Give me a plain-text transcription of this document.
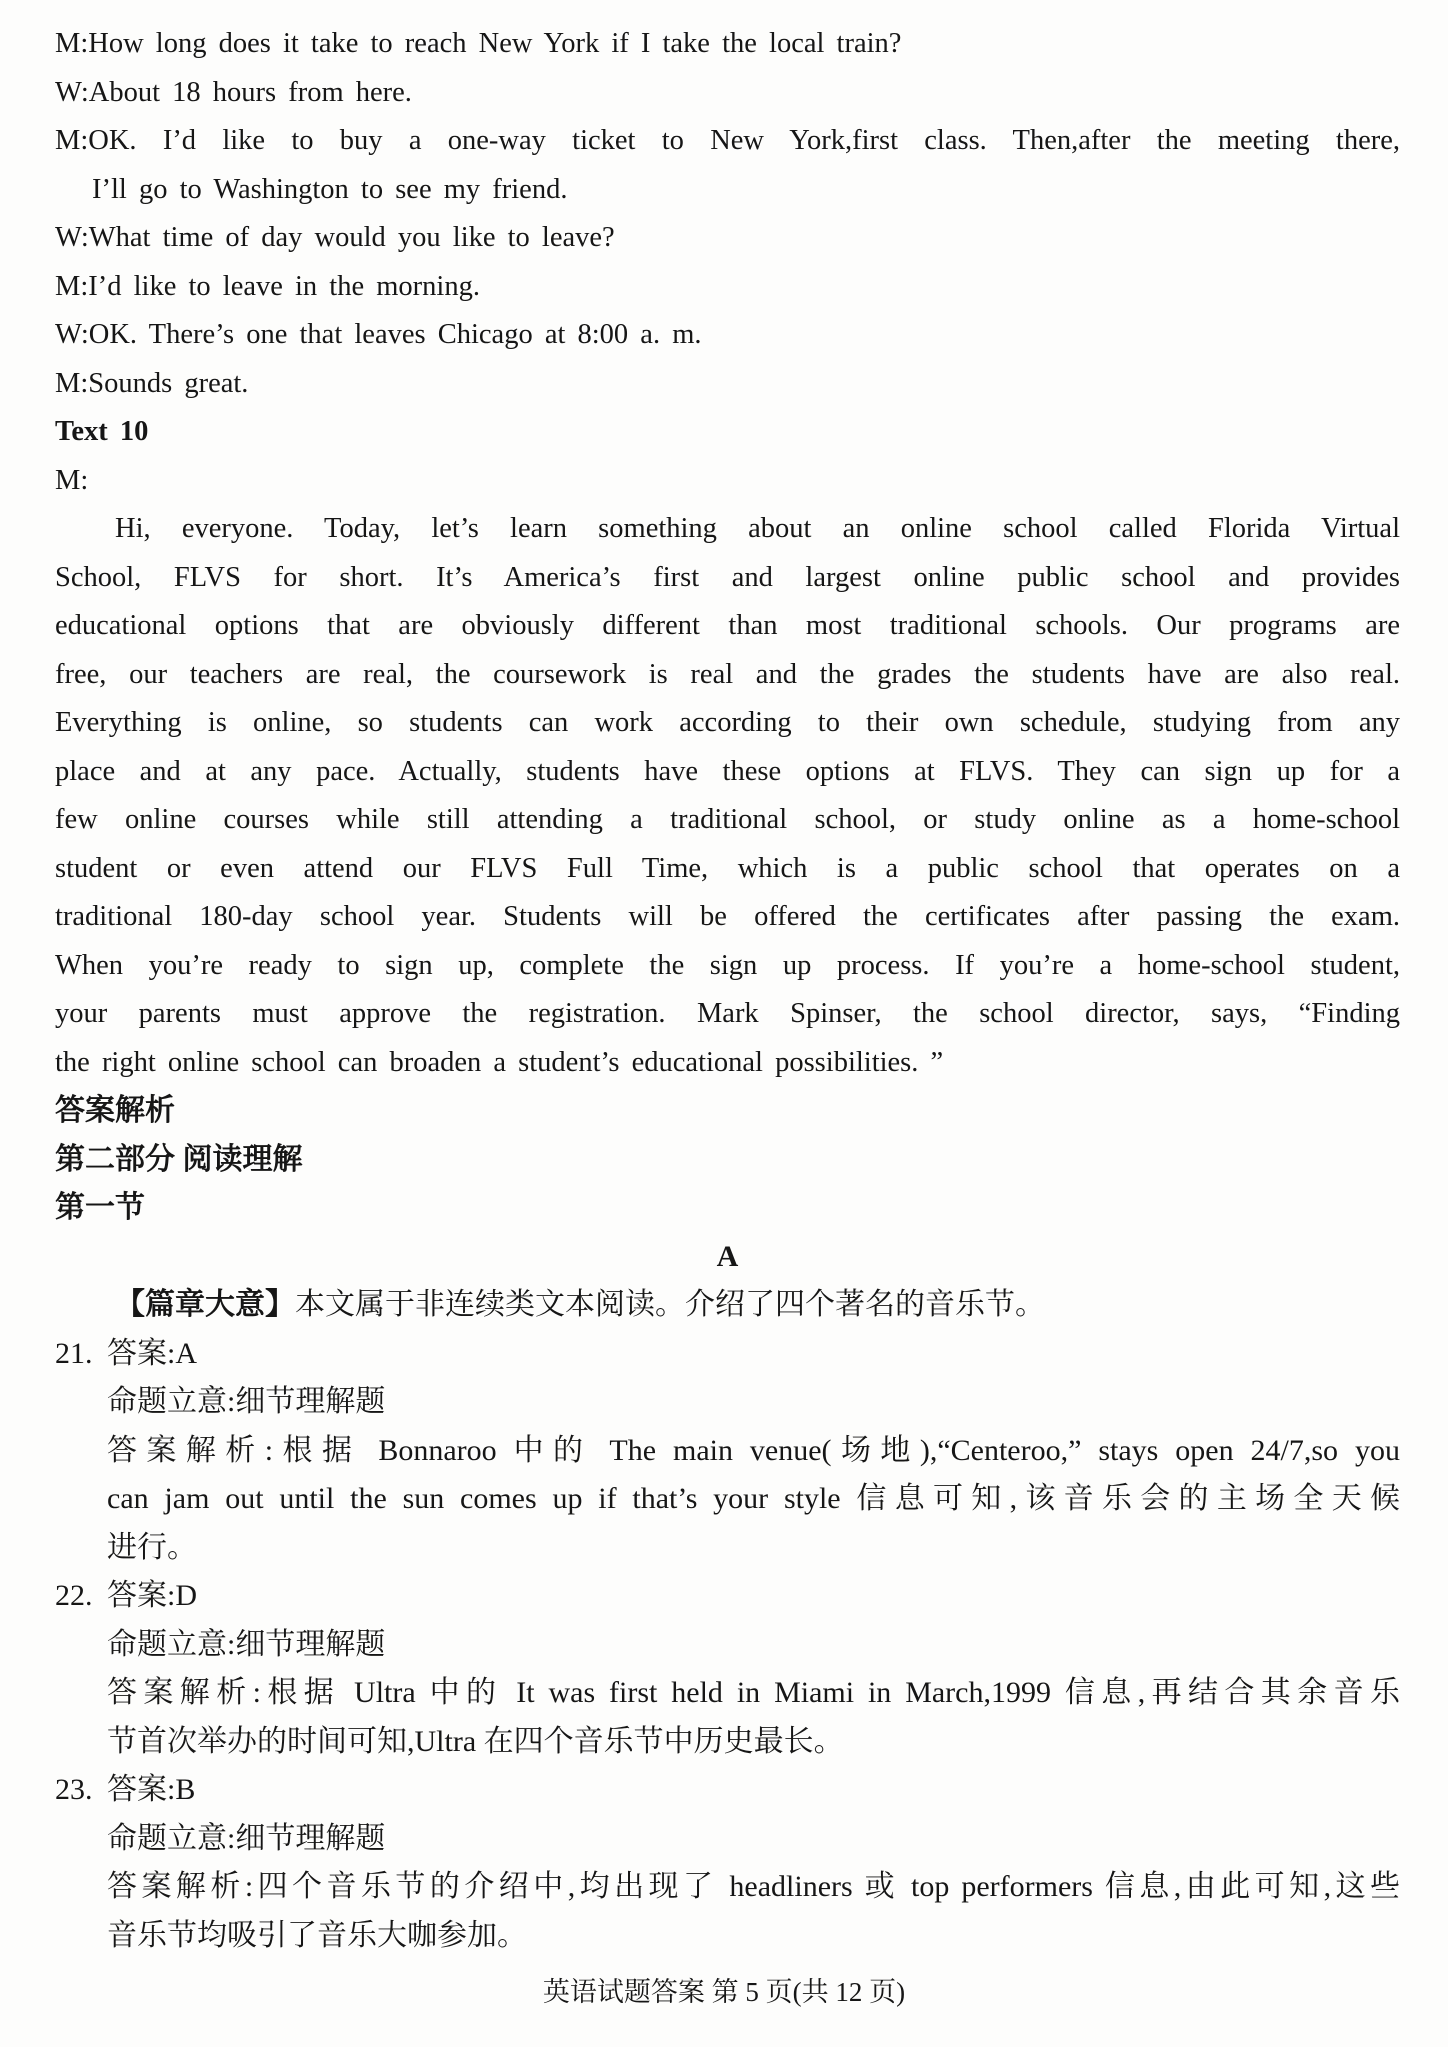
M:How long does it take to reach New York if I take the local train?
W:About 18 hours from here.
M:OK. I’d like to buy a one-way ticket to New York,first class. Then,after the meeting there,
I’ll go to Washington to see my friend.
W:What time of day would you like to leave?
M:I’d like to leave in the morning.
W:OK. There’s one that leaves Chicago at 8:00 a. m.
M:Sounds great.
Text 10
M:
Hi, everyone. Today, let’s learn something about an online school called Florida Virtual
School, FLVS for short. It’s America’s first and largest online public school and provides
educational options that are obviously different than most traditional schools. Our programs are
free, our teachers are real, the coursework is real and the grades the students have are also real.
Everything is online, so students can work according to their own schedule, studying from any
place and at any pace. Actually, students have these options at FLVS. They can sign up for a
few online courses while still attending a traditional school, or study online as a home-school
student or even attend our FLVS Full Time, which is a public school that operates on a
traditional 180-day school year. Students will be offered the certificates after passing the exam.
When you’re ready to sign up, complete the sign up process. If you’re a home-school student,
your parents must approve the registration. Mark Spinser, the school director, says, “Finding
the right online school can broaden a student’s educational possibilities. ”
答案解析
第二部分 阅读理解
第一节
A
【篇章大意】本文属于非连续类文本阅读。介绍了四个著名的音乐节。
21. 答案:A
命题立意:细节理解题
答案解析:根据 Bonnaroo 中的 The main venue(场地),“Centeroo,” stays open 24/7,so you
can jam out until the sun comes up if that’s your style 信息可知,该音乐会的主场全天候
进行。
22. 答案:D
命题立意:细节理解题
答案解析:根据 Ultra 中的 It was first held in Miami in March,1999 信息,再结合其余音乐
节首次举办的时间可知,Ultra 在四个音乐节中历史最长。
23. 答案:B
命题立意:细节理解题
答案解析:四个音乐节的介绍中,均出现了 headliners 或 top performers 信息,由此可知,这些
音乐节均吸引了音乐大咖参加。
英语试题答案 第 5 页(共 12 页)
